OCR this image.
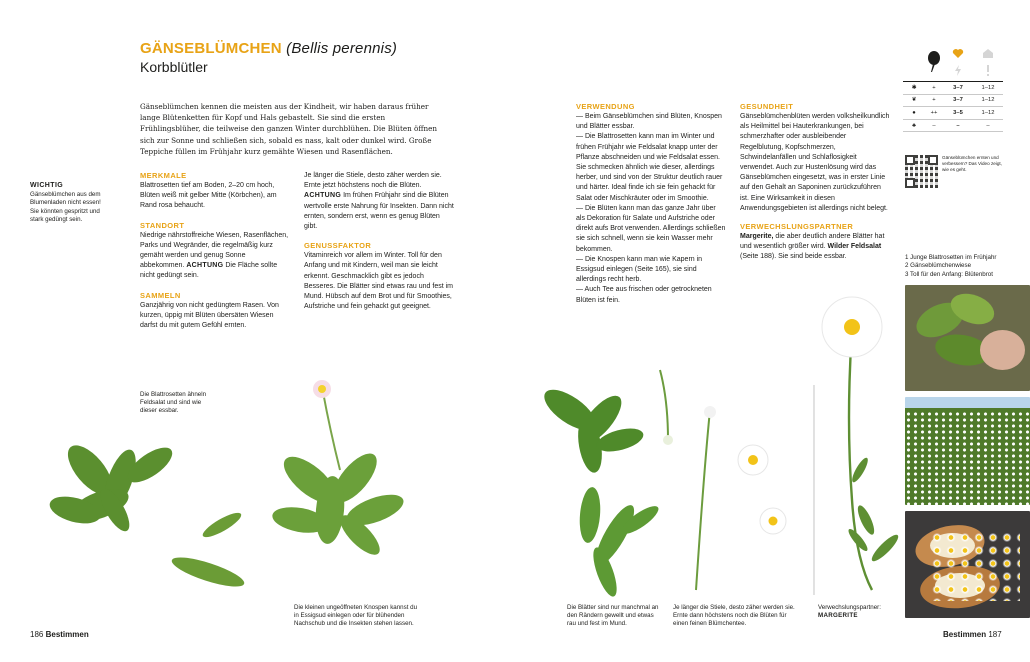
GÄNSEBLÜMCHEN (Bellis perennis)
Korbblütler
Gänseblümchen kennen die meisten aus der Kindheit, wir haben daraus früher lange Blütenketten für Kopf und Hals gebastelt. Sie sind die ersten Frühlingsblüher, die teilweise den ganzen Winter durchblühen. Die Blüten öffnen sich zur Sonne und schließen sich, sobald es nass, kalt oder dunkel wird. Große Teppiche füllen im Frühjahr kurz gemähte Wiesen und Rasenflächen.
WICHTIG
Gänseblümchen aus dem Blumenladen nicht essen! Sie könnten gespritzt und stark gedüngt sein.
MERKMALE
Blattrosetten tief am Boden, 2–20 cm hoch, Blüten weiß mit gelber Mitte (Körbchen), am Rand rosa behaucht.
STANDORT
Niedrige nährstoffreiche Wiesen, Rasenflächen, Parks und Wegränder, die regelmäßig kurz gemäht werden und genug Sonne abbekommen. ACHTUNG Die Fläche sollte nicht gedüngt sein.
SAMMELN
Ganzjährig von nicht gedüngtem Rasen. Von kurzen, üppig mit Blüten übersäten Wiesen darfst du mit gutem Gefühl ernten.
Je länger die Stiele, desto zäher werden sie. Ernte jetzt höchstens noch die Blüten. ACHTUNG Im frühen Frühjahr sind die Blüten wertvolle erste Nahrung für Insekten. Dann nicht ernten, sondern erst, wenn es genug Blüten gibt.
GENUSSFAKTOR
Vitaminreich vor allem im Winter. Toll für den Anfang und mit Kindern, weil man sie leicht erkennt. Geschmacklich gibt es jedoch Besseres. Die Blätter sind etwas rau und fest im Mund. Hübsch auf dem Brot und für Smoothies, Aufstriche und fein gehackt gut geeignet.
VERWENDUNG
— Beim Gänseblümchen sind Blüten, Knospen und Blätter essbar.
— Die Blattrosetten kann man im Winter und frühen Frühjahr wie Feldsalat knapp unter der Pflanze abschneiden und wie Feldsalat essen. Sie schmecken ähnlich wie dieser, allerdings herber, und sind von der Struktur deutlich rauer und härter. Ideal finde ich sie fein gehackt für Salat oder Mischkräuter oder im Smoothie.
— Die Blüten kann man das ganze Jahr über als Dekoration für Salate und Aufstriche oder direkt aufs Brot verwenden. Allerdings schließen sie sich schnell, wenn sie kein Wasser mehr bekommen.
— Die Knospen kann man wie Kapern in Essigsud einlegen (Seite 165), sie sind allerdings recht herb.
— Auch Tee aus frischen oder getrockneten Blüten ist fein.
GESUNDHEIT
Gänseblümchenblüten werden volksheilkundlich als Heilmittel bei Hauterkrankungen, bei schmerzhafter oder ausbleibender Regelblutung, Kopfschmerzen, Schwindelanfällen und Schlaflosigkeit verwendet. Auch zur Hustenlösung wird das Gänseblümchen eingesetzt, was in erster Linie auf den Gehalt an Saponinen zurückzuführen ist. Eine Wirksamkeit in diesen Anwendungsgebieten ist allerdings nicht belegt.
VERWECHSLUNGSPARTNER
Margerite, die aber deutlich andere Blätter hat und wesentlich größer wird. Wilder Feldsalat (Seite 188). Sie sind beide essbar.
✱	+	3–7	1–12
❦	+	3–7	1–12
●	++	3–5	1–12
♣	–	–	–
Gänseblümchen ernten und verbessern? Das Video zeigt, wie es geht.
1 Junge Blattrosetten im Frühjahr
2 Gänseblümchenwiese
3 Toll für den Anfang: Blütenbrot
Die Blattrosetten ähneln Feldsalat und sind wie dieser essbar.
Die kleinen ungeöffneten Knospen kannst du in Essigsud einlegen oder für blühenden Nachschub und die Insekten stehen lassen.
Die Blätter sind nur manchmal an den Rändern gewellt und etwas rau und fest im Mund.
Je länger die Stiele, desto zäher werden sie. Ernte dann höchstens noch die Blüten für einen feinen Blümchentee.
Verwechslungspartner:
MARGERITE
186 Bestimmen	Bestimmen 187
